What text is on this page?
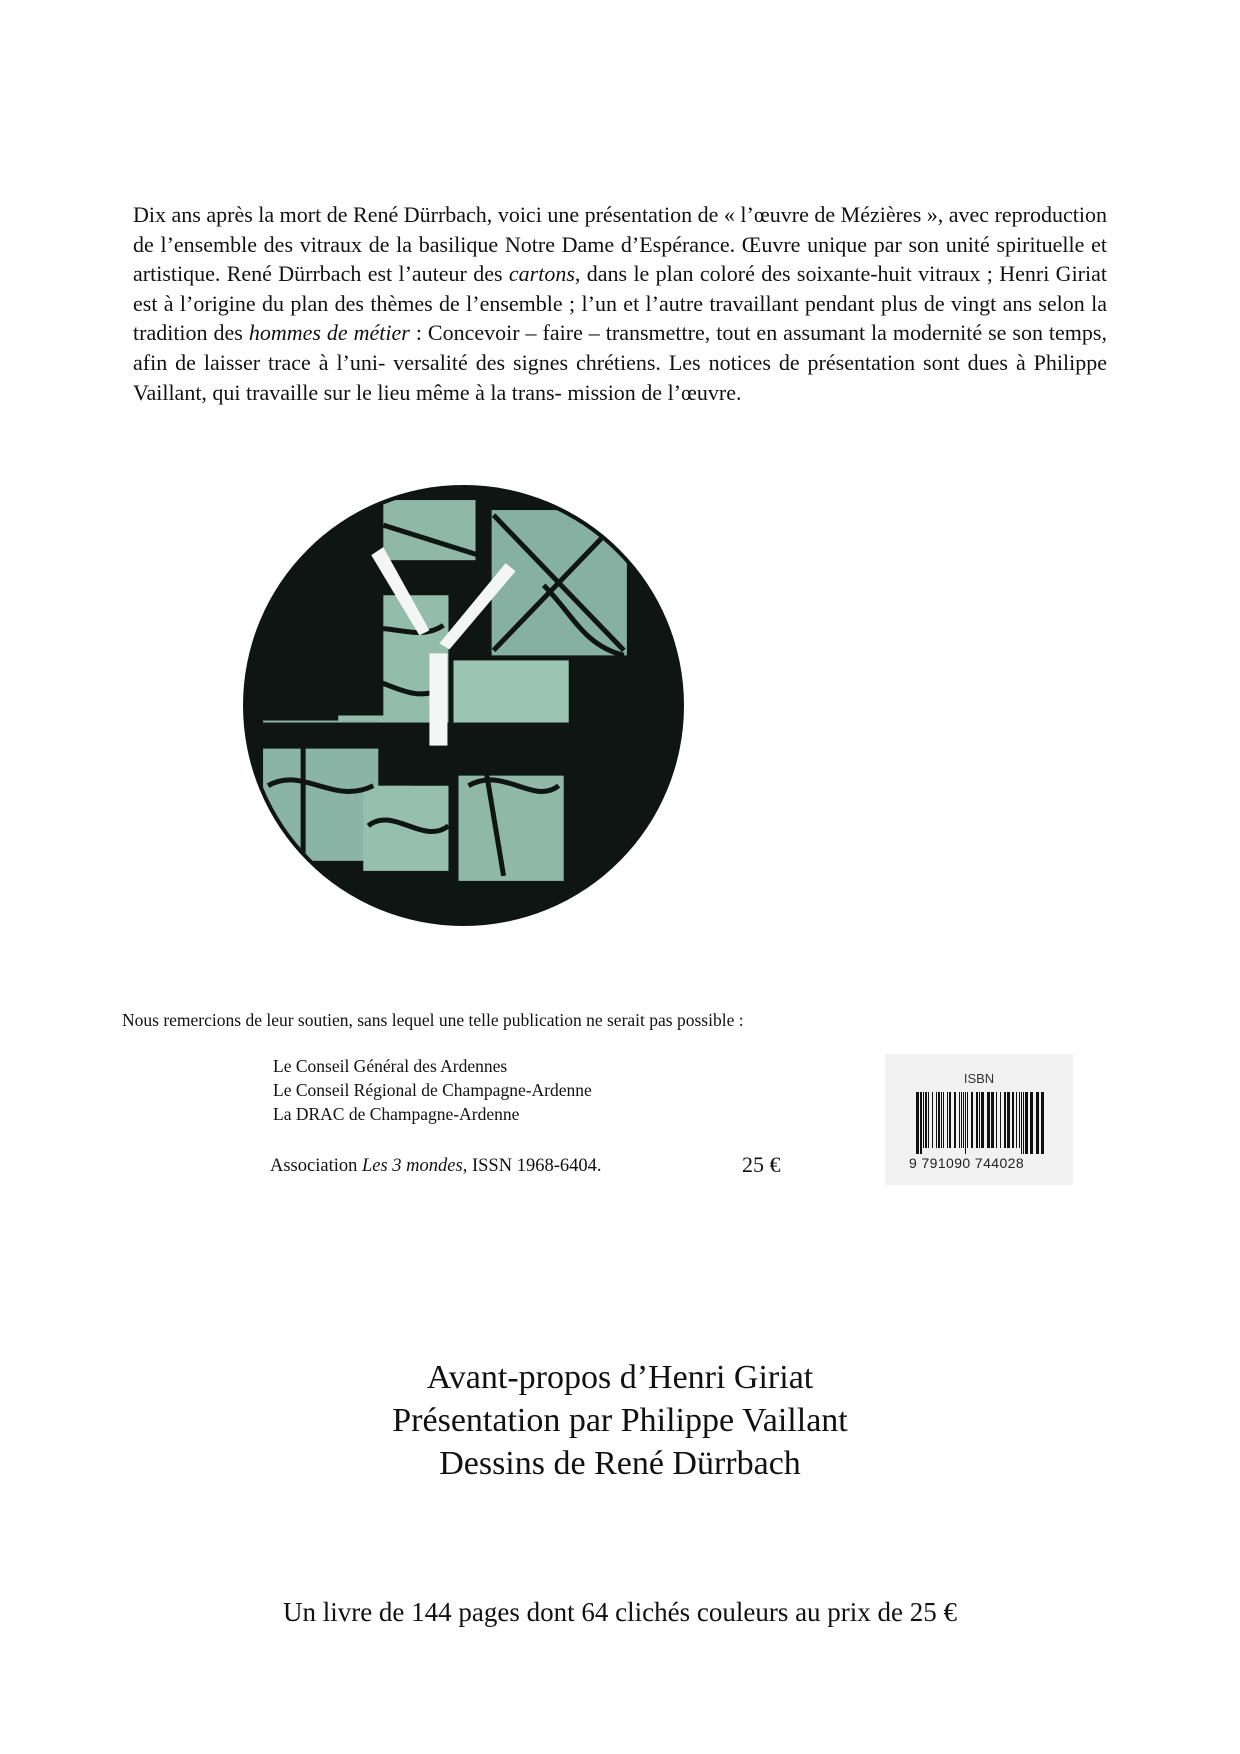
Dix ans après la mort de René Dürrbach, voici une présentation de « l’œuvre de Mézières », avec reproduction de l’ensemble des vitraux de la basilique Notre Dame d’Espérance. Œuvre unique par son unité spirituelle et artistique. René Dürrbach est l’auteur des cartons, dans le plan coloré des soixante-huit vitraux ; Henri Giriat est à l’origine du plan des thèmes de l’ensemble ; l’un et l’autre travaillant pendant plus de vingt ans selon la tradition des hommes de métier : Concevoir – faire – transmettre, tout en assumant la modernité se son temps, afin de laisser trace à l’uni- versalité des signes chrétiens. Les notices de présentation sont dues à Philippe Vaillant, qui travaille sur le lieu même à la trans- mission de l’œuvre.

Nous remercions de leur soutien, sans lequel une telle publication ne serait pas possible :

Le Conseil Général des Ardennes
Le Conseil Régional de Champagne-Ardenne
La DRAC de Champagne-Ardenne
Association Les 3 mondes, ISSN 1968-6404.	25 €
ISBN
9 791090 744028
Avant-propos d’Henri Giriat
Présentation par Philippe Vaillant
Dessins de René Dürrbach
Un livre de 144 pages dont 64 clichés couleurs au prix de 25 €
